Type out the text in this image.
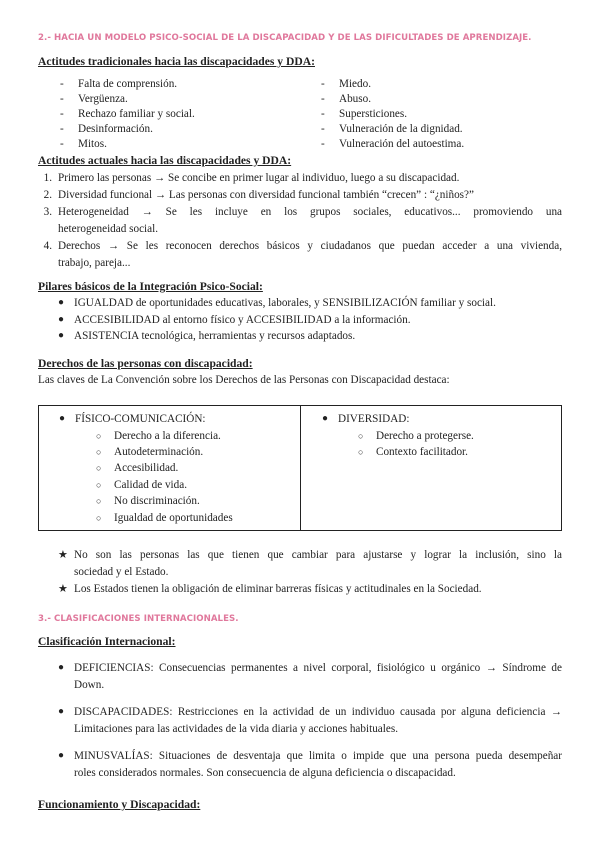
2.- HACIA UN MODELO PSICO-SOCIAL DE LA DISCAPACIDAD Y DE LAS DIFICULTADES DE APRENDIZAJE.
Actitudes tradicionales hacia las discapacidades y DDA:
- Falta de comprensión.
- Vergüenza.
- Rechazo familiar y social.
- Desinformación.
- Mitos.
- Miedo.
- Abuso.
- Supersticiones.
- Vulneración de la dignidad.
- Vulneración del autoestima.
Actitudes actuales hacia las discapacidades y DDA:
1. Primero las personas → Se concibe en primer lugar al individuo, luego a su discapacidad.
2. Diversidad funcional → Las personas con diversidad funcional también “crecen” : “¿niños?”
3. Heterogeneidad → Se les incluye en los grupos sociales, educativos... promoviendo una
heterogeneidad social.
4. Derechos → Se les reconocen derechos básicos y ciudadanos que puedan acceder a una vivienda,
trabajo, pareja...
Pilares básicos de la Integración Psico-Social:
● IGUALDAD de oportunidades educativas, laborales, y SENSIBILIZACIÓN familiar y social.
● ACCESIBILIDAD al entorno físico y ACCESIBILIDAD a la información.
● ASISTENCIA tecnológica, herramientas y recursos adaptados.
Derechos de las personas con discapacidad:
Las claves de La Convención sobre los Derechos de las Personas con Discapacidad destaca:
● FÍSICO-COMUNICACIÓN:
○ Derecho a la diferencia.
○ Autodeterminación.
○ Accesibilidad.
○ Calidad de vida.
○ No discriminación.
○ Igualdad de oportunidades
● DIVERSIDAD:
○ Derecho a protegerse.
○ Contexto facilitador.
★ No son las personas las que tienen que cambiar para ajustarse y lograr la inclusión, sino la
sociedad y el Estado.
★ Los Estados tienen la obligación de eliminar barreras físicas y actitudinales en la Sociedad.
3.- CLASIFICACIONES INTERNACIONALES.
Clasificación Internacional:
● DEFICIENCIAS: Consecuencias permanentes a nivel corporal, fisiológico u orgánico → Síndrome de
Down.
● DISCAPACIDADES: Restricciones en la actividad de un individuo causada por alguna deficiencia →
Limitaciones para las actividades de la vida diaria y acciones habituales.
● MINUSVALÍAS: Situaciones de desventaja que limita o impide que una persona pueda desempeñar
roles considerados normales. Son consecuencia de alguna deficiencia o discapacidad.
Funcionamiento y Discapacidad:
